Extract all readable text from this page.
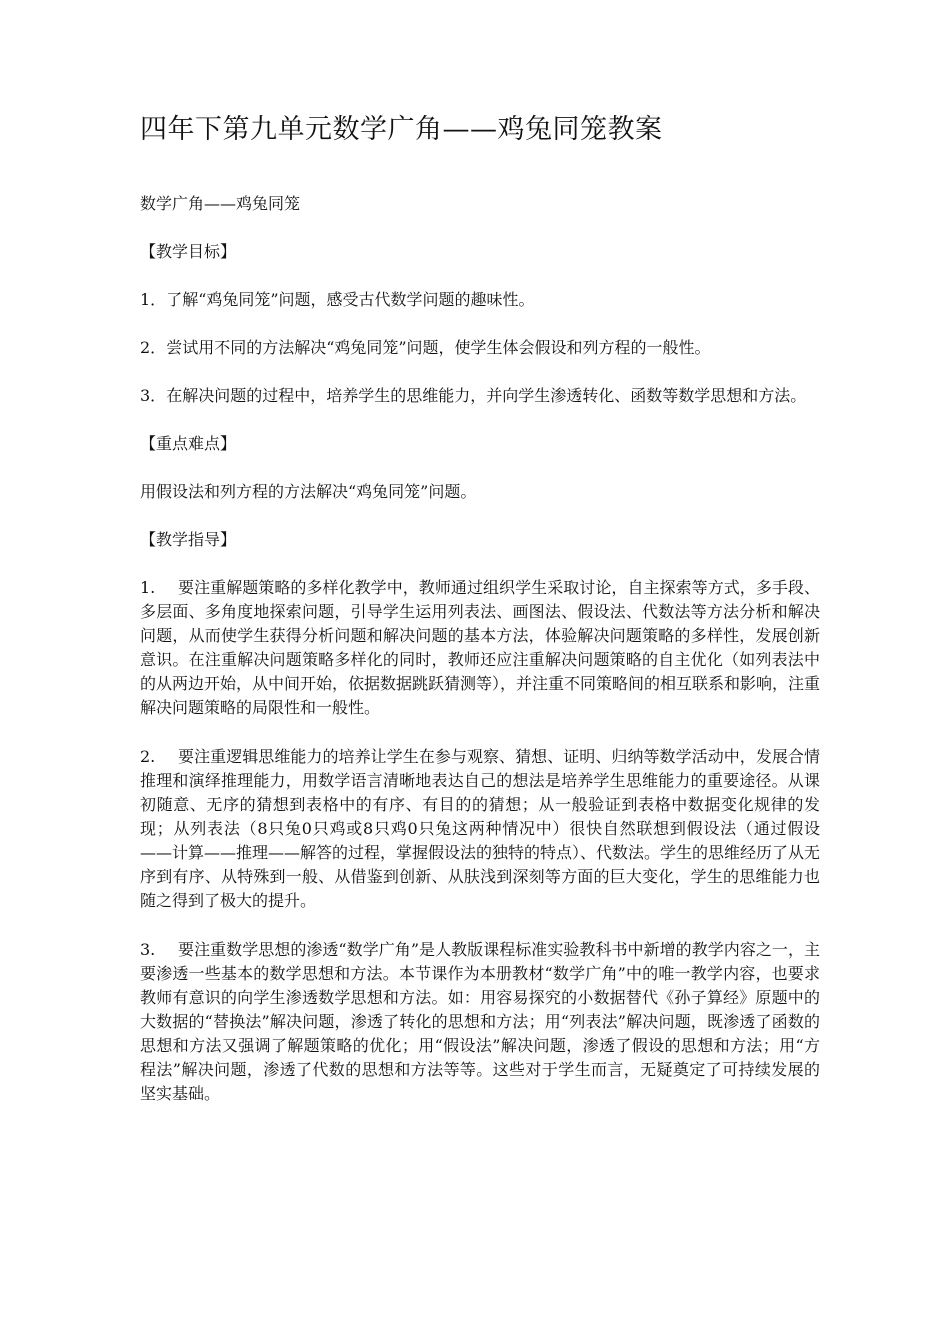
四年下第九单元数学广角——鸡兔同笼教案

数学广角——鸡兔同笼

【教学目标】

1．了解“鸡兔同笼”问题，感受古代数学问题的趣味性。

2．尝试用不同的方法解决“鸡兔同笼”问题，使学生体会假设和列方程的一般性。

3．在解决问题的过程中，培养学生的思维能力，并向学生渗透转化、函数等数学思想和方法。

【重点难点】

用假设法和列方程的方法解决“鸡兔同笼”问题。

【教学指导】

1. 要注重解题策略的多样化教学中，教师通过组织学生采取讨论，自主探索等方式，多手段、多层面、多角度地探索问题，引导学生运用列表法、画图法、假设法、代数法等方法分析和解决问题，从而使学生获得分析问题和解决问题的基本方法，体验解决问题策略的多样性，发展创新意识。在注重解决问题策略多样化的同时，教师还应注重解决问题策略的自主优化（如列表法中的从两边开始，从中间开始，依据数据跳跃猜测等），并注重不同策略间的相互联系和影响，注重解决问题策略的局限性和一般性。

2. 要注重逻辑思维能力的培养让学生在参与观察、猜想、证明、归纳等数学活动中，发展合情推理和演绎推理能力，用数学语言清晰地表达自己的想法是培养学生思维能力的重要途径。从课初随意、无序的猜想到表格中的有序、有目的的猜想；从一般验证到表格中数据变化规律的发现；从列表法（8只兔0只鸡或8只鸡0只兔这两种情况中）很快自然联想到假设法（通过假设——计算——推理——解答的过程，掌握假设法的独特的特点）、代数法。学生的思维经历了从无序到有序、从特殊到一般、从借鉴到创新、从肤浅到深刻等方面的巨大变化，学生的思维能力也随之得到了极大的提升。

3. 要注重数学思想的渗透“数学广角”是人教版课程标准实验教科书中新增的教学内容之一，主要渗透一些基本的数学思想和方法。本节课作为本册教材“数学广角”中的唯一教学内容，也要求教师有意识的向学生渗透数学思想和方法。如：用容易探究的小数据替代《孙子算经》原题中的大数据的“替换法”解决问题，渗透了转化的思想和方法；用“列表法”解决问题，既渗透了函数的思想和方法又强调了解题策略的优化；用“假设法”解决问题，渗透了假设的思想和方法；用“方程法”解决问题，渗透了代数的思想和方法等等。这些对于学生而言，无疑奠定了可持续发展的坚实基础。
